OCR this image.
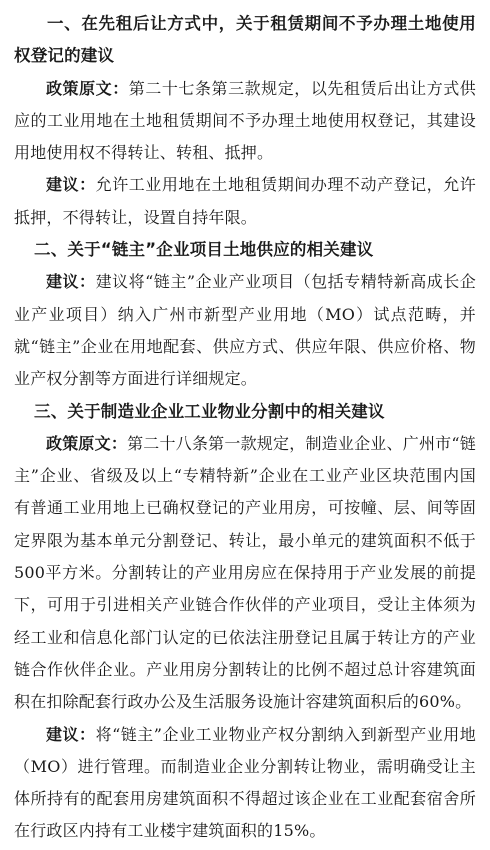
一、在先租后让方式中，关于租赁期间不予办理土地使用权登记的建议

政策原文：第二十七条第三款规定，以先租赁后出让方式供应的工业用地在土地租赁期间不予办理土地使用权登记，其建设用地使用权不得转让、转租、抵押。

建议：允许工业用地在土地租赁期间办理不动产登记，允许抵押，不得转让，设置自持年限。

二、关于“链主”企业项目土地供应的相关建议

建议：建议将“链主”企业产业项目（包括专精特新高成长企业产业项目）纳入广州市新型产业用地（MO）试点范畴，并就“链主”企业在用地配套、供应方式、供应年限、供应价格、物业产权分割等方面进行详细规定。

三、关于制造业企业工业物业分割中的相关建议

政策原文：第二十八条第一款规定，制造业企业、广州市“链主”企业、省级及以上“专精特新”企业在工业产业区块范围内国有普通工业用地上已确权登记的产业用房，可按幢、层、间等固定界限为基本单元分割登记、转让，最小单元的建筑面积不低于500平方米。分割转让的产业用房应在保持用于产业发展的前提下，可用于引进相关产业链合作伙伴的产业项目，受让主体须为经工业和信息化部门认定的已依法注册登记且属于转让方的产业链合作伙伴企业。产业用房分割转让的比例不超过总计容建筑面积在扣除配套行政办公及生活服务设施计容建筑面积后的60%。

建议：将“链主”企业工业物业产权分割纳入到新型产业用地（MO）进行管理。而制造业企业分割转让物业，需明确受让主体所持有的配套用房建筑面积不得超过该企业在工业配套宿舍所在行政区内持有工业楼宇建筑面积的15%。
